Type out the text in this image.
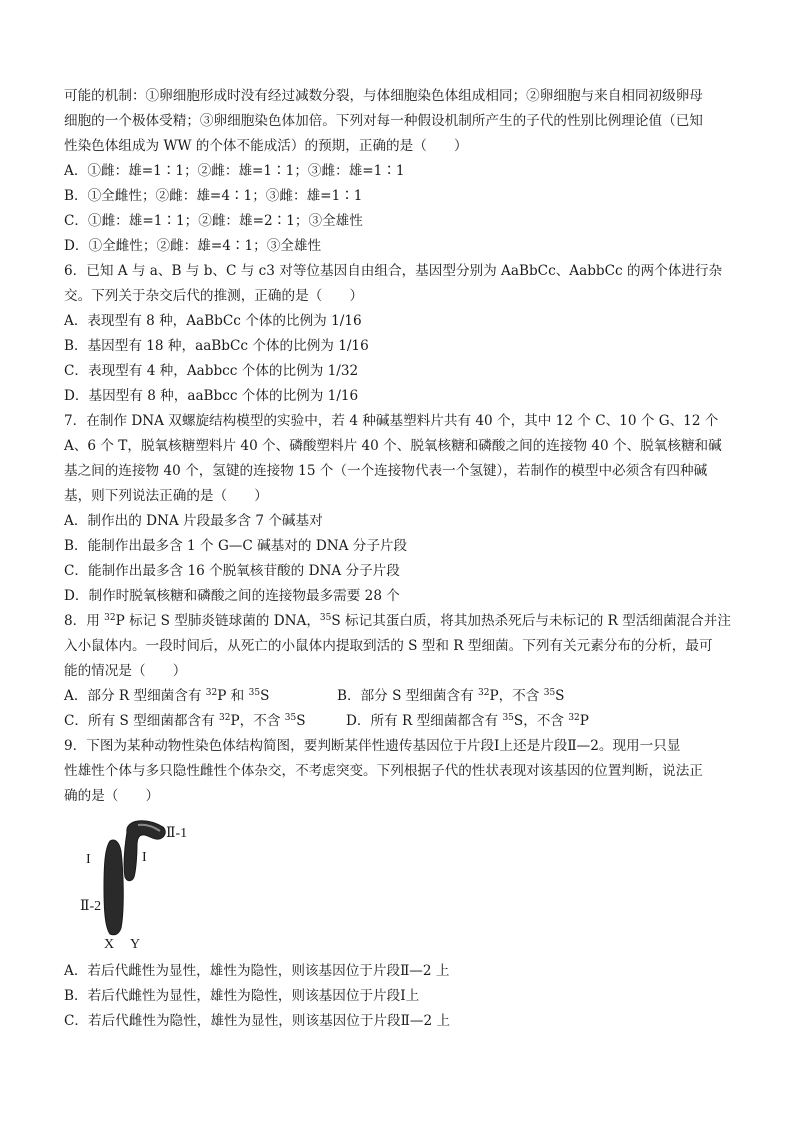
可能的机制：①卵细胞形成时没有经过减数分裂，与体细胞染色体组成相同；②卵细胞与来自相同初级卵母
细胞的一个极体受精；③卵细胞染色体加倍。下列对每一种假设机制所产生的子代的性别比例理论值（已知
性染色体组成为 WW 的个体不能成活）的预期，正确的是（　　）
A．①雌：雄=1∶1；②雌：雄=1∶1；③雌：雄=1∶1
B．①全雌性；②雌：雄=4∶1；③雌：雄=1∶1
C．①雌：雄=1∶1；②雌：雄=2∶1；③全雄性
D．①全雌性；②雌：雄=4∶1；③全雄性
6．已知 A 与 a、B 与 b、C 与 c3 对等位基因自由组合，基因型分别为 AaBbCc、AabbCc 的两个体进行杂
交。下列关于杂交后代的推测，正确的是（　　）
A．表现型有 8 种，AaBbCc 个体的比例为 1/16
B．基因型有 18 种，aaBbCc 个体的比例为 1/16
C．表现型有 4 种，Aabbcc 个体的比例为 1/32
D．基因型有 8 种，aaBbcc 个体的比例为 1/16
7．在制作 DNA 双螺旋结构模型的实验中，若 4 种碱基塑料片共有 40 个，其中 12 个 C、10 个 G、12 个
A、6 个 T，脱氧核糖塑料片 40 个、磷酸塑料片 40 个、脱氧核糖和磷酸之间的连接物 40 个、脱氧核糖和碱
基之间的连接物 40 个，氢键的连接物 15 个（一个连接物代表一个氢键），若制作的模型中必须含有四种碱
基，则下列说法正确的是（　　）
A．制作出的 DNA 片段最多含 7 个碱基对
B．能制作出最多含 1 个 G—C 碱基对的 DNA 分子片段
C．能制作出最多含 16 个脱氧核苷酸的 DNA 分子片段
D．制作时脱氧核糖和磷酸之间的连接物最多需要 28 个
8．用 $^{32}$P 标记 S 型肺炎链球菌的 DNA，$^{35}$S 标记其蛋白质，将其加热杀死后与未标记的 R 型活细菌混合并注
入小鼠体内。一段时间后，从死亡的小鼠体内提取到活的 S 型和 R 型细菌。下列有关元素分布的分析，最可
能的情况是（　　）
A．部分 R 型细菌含有 $^{32}$P 和 $^{35}$S	B．部分 S 型细菌含有 $^{32}$P，不含 $^{35}$S
C．所有 S 型细菌都含有 $^{32}$P，不含 $^{35}$S	D．所有 R 型细菌都含有 $^{35}$S，不含 $^{32}$P
9．下图为某种动物性染色体结构简图，要判断某伴性遗传基因位于片段Ⅰ上还是片段Ⅱ—2。现用一只显
性雄性个体与多只隐性雌性个体杂交，不考虑突变。下列根据子代的性状表现对该基因的位置判断，说法正
确的是（　　）
I
Ⅱ-2
I
Ⅱ-1
X Y
A．若后代雌性为显性，雄性为隐性，则该基因位于片段Ⅱ—2 上
B．若后代雌性为显性，雄性为隐性，则该基因位于片段Ⅰ上
C．若后代雌性为隐性，雄性为显性，则该基因位于片段Ⅱ—2 上
